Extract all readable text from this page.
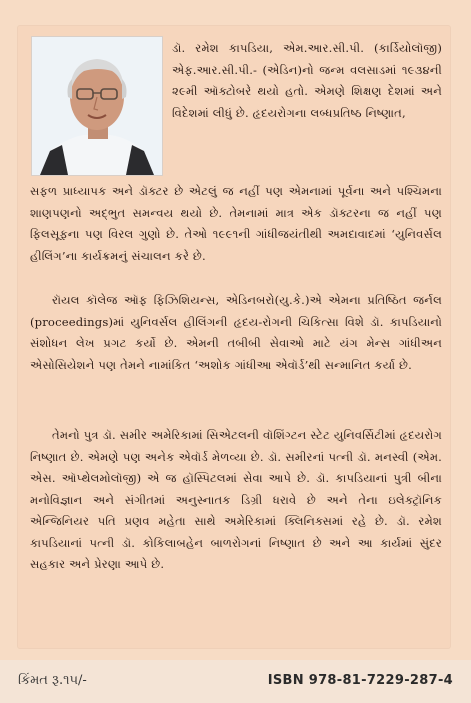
ડૉ. રમેશ કાપડિયા, એમ.આર.સી.પી. (કાર્ડિયોલૉજી) એફ.આર.સી.પી.- (એડિન)નો જન્મ વલસાડમાં ૧૯૩૪ની ૨૯મી ઑક્ટોબરે થયો હતો. એમણે શિક્ષણ દેશમાં અને વિદેશમાં લીધું છે. હૃદયરોગના લબ્ધપ્રતિષ્ઠ નિષ્ણાત,
સફળ પ્રાધ્યાપક અને ડૉક્ટર છે એટલું જ નહીં પણ એમનામાં પૂર્વના અને પશ્ચિમના શાણપણનો અદ્‌ભુત સમન્વય થયો છે. તેમનામાં માત્ર એક ડૉક્ટરના જ નહીં પણ ફિલસૂફના પણ વિરલ ગુણો છે. તેઓ ૧૯૯૧ની ગાંધીજયંતીથી અમદાવાદમાં ‘યુનિવર્સલ હીલિંગ’ના કાર્યક્રમનું સંચાલન કરે છે.
રૉયલ કૉલેજ ઑફ ફિઝિશિયન્સ, એડિનબરો(યુ.કે.)એ એમના પ્રતિષ્ઠિત જર્નલ (proceedings)માં યુનિવર્સલ હીલિંગની હૃદય-રોગની ચિકિત્સા વિશે ડૉ. કાપડિયાનો સંશોધન લેખ પ્રગટ કર્યો છે. એમની તબીબી સેવાઓ માટે યંગ મેન્સ ગાંધીઅન એસોસિયેશને પણ તેમને નામાંકિત ‘અશોક ગાંધીઆ એવૉર્ડ’થી સન્માનિત કર્યા છે.
તેમનો પુત્ર ડૉ. સમીર અમેરિકામાં સિએટલની વૉશિંગ્ટન સ્ટેટ યુનિવર્સિટીમાં હૃદયરોગ નિષ્ણાત છે. એમણે પણ અનેક એવૉર્ડ મેળવ્યા છે. ડૉ. સમીરનાં પત્ની ડૉ. મનસ્વી (એમ. એસ. ઑપ્થેલમોલૉજી) એ જ હૉસ્પિટલમાં સેવા આપે છે. ડૉ. કાપડિયાનાં પુત્રી બીના મનોવિજ્ઞાન અને સંગીતમાં અનુસ્નાતક ડિગ્રી ધરાવે છે અને તેના ઇલેક્ટ્રૉનિક એન્જિનિયર પતિ પ્રણવ મહેતા સાથે અમેરિકામાં ક્લિનિક્સમાં રહે છે. ડૉ. રમેશ કાપડિયાનાં પત્ની ડૉ. કોકિલાબહેન બાળરોગનાં નિષ્ણાત છે અને આ કાર્યમાં સુંદર સહકાર અને પ્રેરણા આપે છે.
કિંમત રૂ.૧૫/-	ISBN 978-81-7229-287-4
